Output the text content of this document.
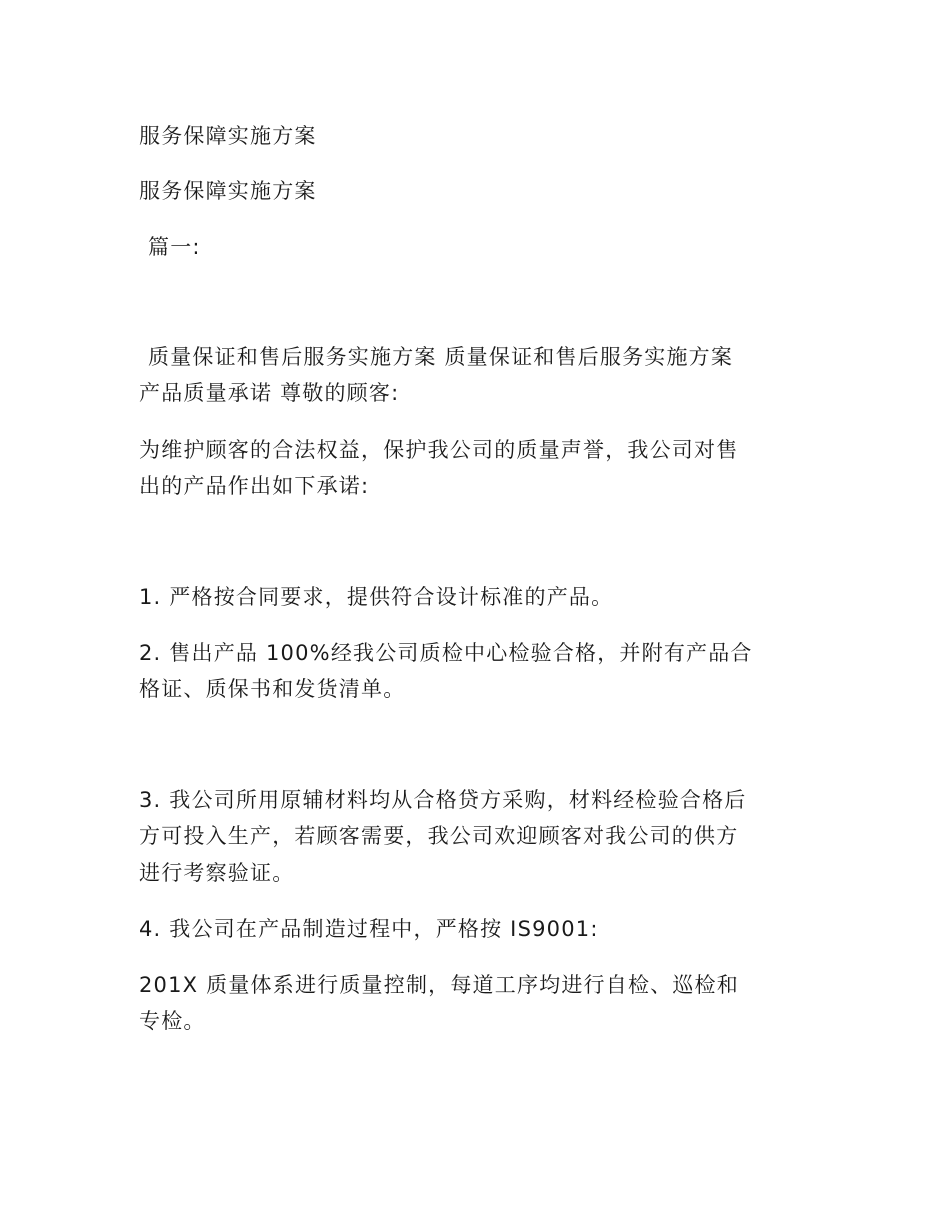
服务保障实施方案
服务保障实施方案
篇一:
质量保证和售后服务实施方案 质量保证和售后服务实施方案
产品质量承诺 尊敬的顾客:
为维护顾客的合法权益，保护我公司的质量声誉，我公司对售
出的产品作出如下承诺:
1. 严格按合同要求，提供符合设计标准的产品。
2. 售出产品 100%经我公司质检中心检验合格，并附有产品合
格证、质保书和发货清单。
3. 我公司所用原辅材料均从合格贷方采购，材料经检验合格后
方可投入生产，若顾客需要，我公司欢迎顾客对我公司的供方
进行考察验证。
4. 我公司在产品制造过程中，严格按 IS9001:
201X 质量体系进行质量控制，每道工序均进行自检、巡检和
专检。
